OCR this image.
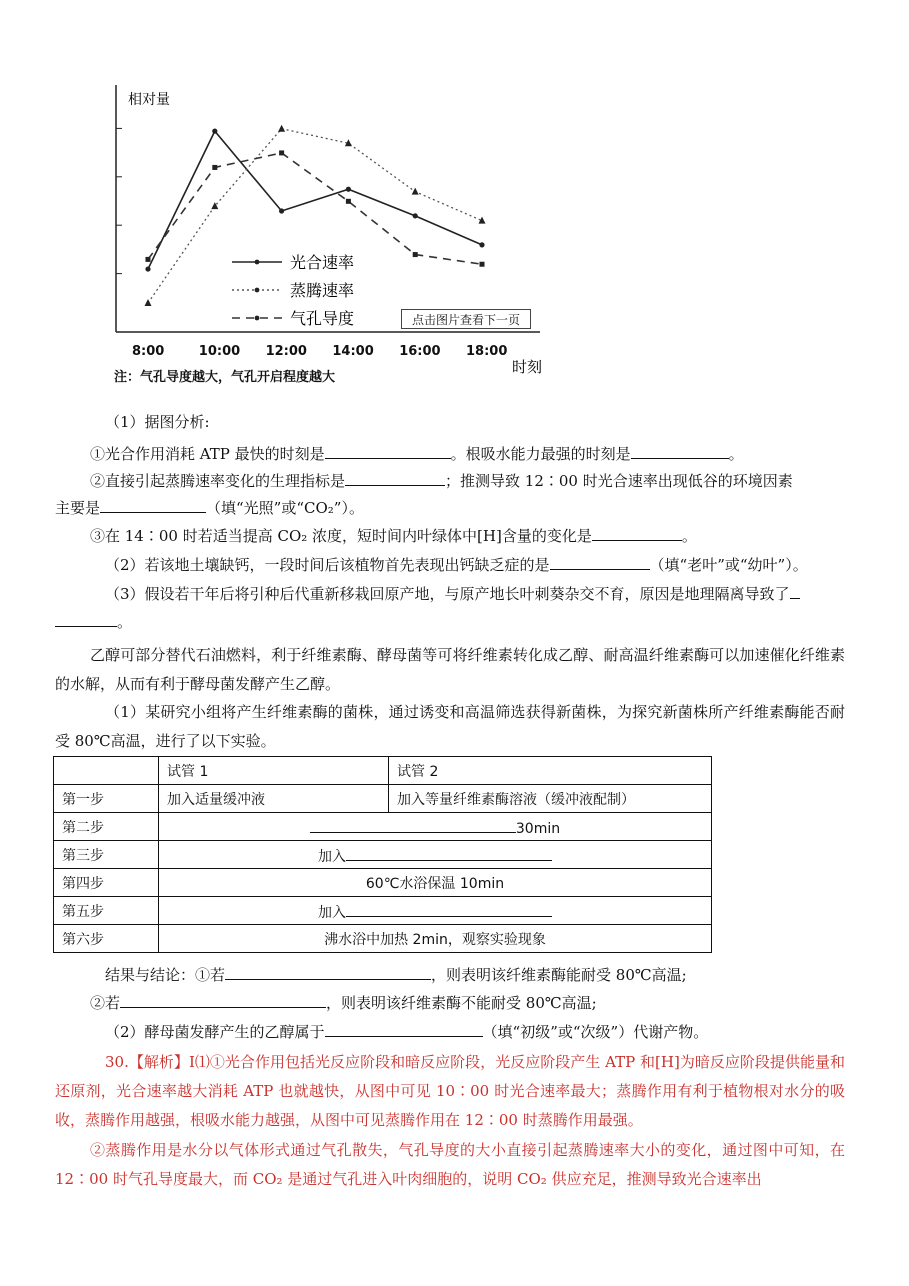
相对量
时刻
光合速率
蒸腾速率
气孔导度	点击图片查看下一页
注：气孔导度越大，气孔开启程度越大
8:00	10:00 12:00 14:00 16:00 18:00
（1）据图分析:
①光合作用消耗 ATP 最快的时刻是	。根吸水能力最强的时刻是	。
②直接引起蒸腾速率变化的生理指标是	；推测导致 12∶00 时光合速率出现低谷的环境因素
主要是	（填“光照”或“CO₂”）。
③在 14∶00 时若适当提高 CO₂ 浓度，短时间内叶绿体中[H]含量的变化是	。
（2）若该地土壤缺钙，一段时间后该植物首先表现出钙缺乏症的是	（填“老叶”或“幼叶”）。
（3）假设若干年后将引种后代重新移栽回原产地，与原产地长叶刺葵杂交不育，原因是地理隔离导致了
。
乙醇可部分替代石油燃料，利于纤维素酶、酵母菌等可将纤维素转化成乙醇、耐高温纤维素酶可以加速催化纤维素的水解，从而有利于酵母菌发酵产生乙醇。
（1）某研究小组将产生纤维素酶的菌株，通过诱变和高温筛选获得新菌株，为探究新菌株所产纤维素酶能否耐受 80℃高温，进行了以下实验。
	试管 1	试管 2
第一步	加入适量缓冲液	加入等量纤维素酶溶液（缓冲液配制）
第二步	30min	
第三步	加入	
第四步	60℃水浴保温 10min	
第五步	加入	
第六步	沸水浴中加热 2min，观察实验现象	
结果与结论：①若	，则表明该纤维素酶能耐受 80℃高温;
②若	，则表明该纤维素酶不能耐受 80℃高温;
（2）酵母菌发酵产生的乙醇属于	（填“初级”或“次级”）代谢产物。
30.【解析】I⑴①光合作用包括光反应阶段和暗反应阶段，光反应阶段产生 ATP 和[H]为暗反应阶段提供能量和还原剂，光合速率越大消耗 ATP 也就越快，从图中可见 10∶00 时光合速率最大；蒸腾作用有利于植物根对水分的吸收，蒸腾作用越强，根吸水能力越强，从图中可见蒸腾作用在 12∶00 时蒸腾作用最强。
②蒸腾作用是水分以气体形式通过气孔散失，气孔导度的大小直接引起蒸腾速率大小的变化，通过图中可知，在 12∶00 时气孔导度最大，而 CO₂ 是通过气孔进入叶肉细胞的，说明 CO₂ 供应充足，推测导致光合速率出
